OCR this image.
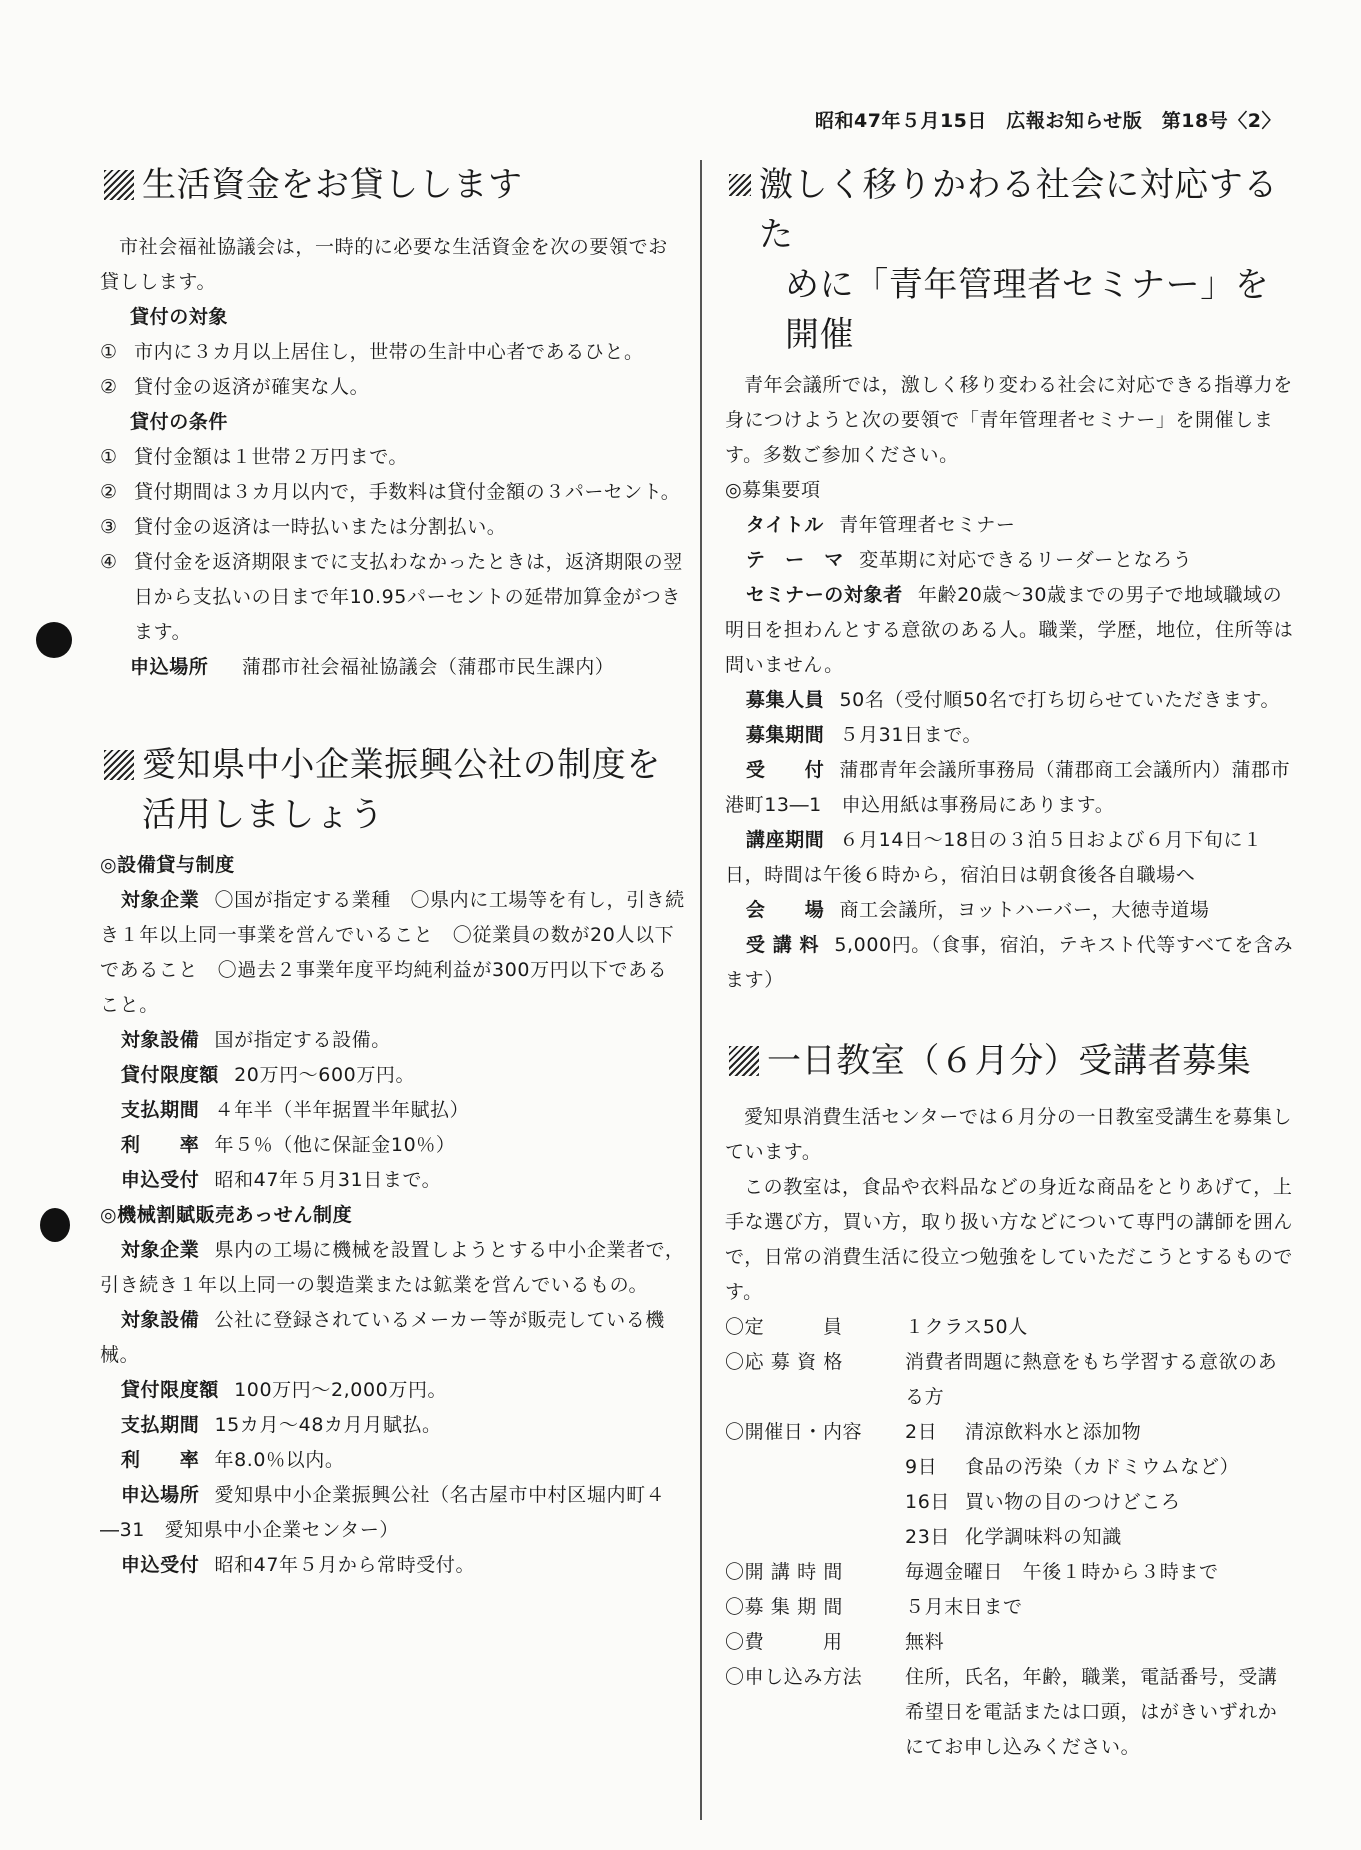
昭和47年５月15日　広報お知らせ版　第18号〈2〉
生活資金をお貸しします

市社会福祉協議会は，一時的に必要な生活資金を次の要領でお貸しします。

貸付の対象
① 市内に３カ月以上居住し，世帯の生計中心者であるひと。
② 貸付金の返済が確実な人。
貸付の条件
① 貸付金額は１世帯２万円まで。
② 貸付期間は３カ月以内で，手数料は貸付金額の３パーセント。
③ 貸付金の返済は一時払いまたは分割払い。
④ 貸付金を返済期限までに支払わなかったときは，返済期限の翌日から支払いの日まで年10.95パーセントの延帯加算金がつきます。
申込場所 蒲郡市社会福祉協議会（蒲郡市民生課内）
愛知県中小企業振興公社の制度を
活用しましょう
◎設備貸与制度

対象企業 〇国が指定する業種　〇県内に工場等を有し，引き続き１年以上同一事業を営んでいること　〇従業員の数が20人以下であること　〇過去２事業年度平均純利益が300万円以下であること。

対象設備 国が指定する設備。

貸付限度額 20万円～600万円。

支払期間 ４年半（半年据置半年賦払）

利　　率 年５％（他に保証金10％）

申込受付 昭和47年５月31日まで。

◎機械割賦販売あっせん制度

対象企業 県内の工場に機械を設置しようとする中小企業者で，引き続き１年以上同一の製造業または鉱業を営んでいるもの。

対象設備 公社に登録されているメーカー等が販売している機械。

貸付限度額 100万円～2,000万円。

支払期間 15カ月～48カ月月賦払。

利　　率 年8.0％以内。

申込場所 愛知県中小企業振興公社（名古屋市中村区堀内町４―31　愛知県中小企業センター）

申込受付 昭和47年５月から常時受付。

激しく移りかわる社会に対応するた
めに「青年管理者セミナー」を開催

青年会議所では，激しく移り変わる社会に対応できる指導力を身につけようと次の要領で「青年管理者セミナー」を開催します。多数ご参加ください。

◎募集要項

タイトル 青年管理者セミナー

テ　ー　マ 変革期に対応できるリーダーとなろう

セミナーの対象者 年齢20歳～30歳までの男子で地域職域の明日を担わんとする意欲のある人。職業，学歴，地位，住所等は問いません。

募集人員 50名（受付順50名で打ち切らせていただきます。

募集期間 ５月31日まで。

受　　付 蒲郡青年会議所事務局（蒲郡商工会議所内）蒲郡市港町13―1　申込用紙は事務局にあります。

講座期間 ６月14日～18日の３泊５日および６月下旬に１日，時間は午後６時から，宿泊日は朝食後各自職場へ

会　　場 商工会議所，ヨットハーバー，大徳寺道場

受 講 料 5,000円。（食事，宿泊，テキスト代等すべてを含みます）

一日教室（６月分）受講者募集

愛知県消費生活センターでは６月分の一日教室受講生を募集しています。

この教室は，食品や衣料品などの身近な商品をとりあげて，上手な選び方，買い方，取り扱い方などについて専門の講師を囲んで，日常の消費生活に役立つ勉強をしていただこうとするものです。

〇定　　　員	１クラス50人
〇応 募 資 格	消費者問題に熱意をもち学習する意欲のある方
〇開催日・内容	2日	清涼飲料水と添加物
9日	食品の汚染（カドミウムなど）
16日 買い物の目のつけどころ
23日 化学調味料の知識
〇開 講 時 間	毎週金曜日　午後１時から３時まで
〇募 集 期 間	５月末日まで
〇費　　　用	無料
〇申し込み方法	住所，氏名，年齢，職業，電話番号，受講希望日を電話または口頭，はがきいずれかにてお申し込みください。
